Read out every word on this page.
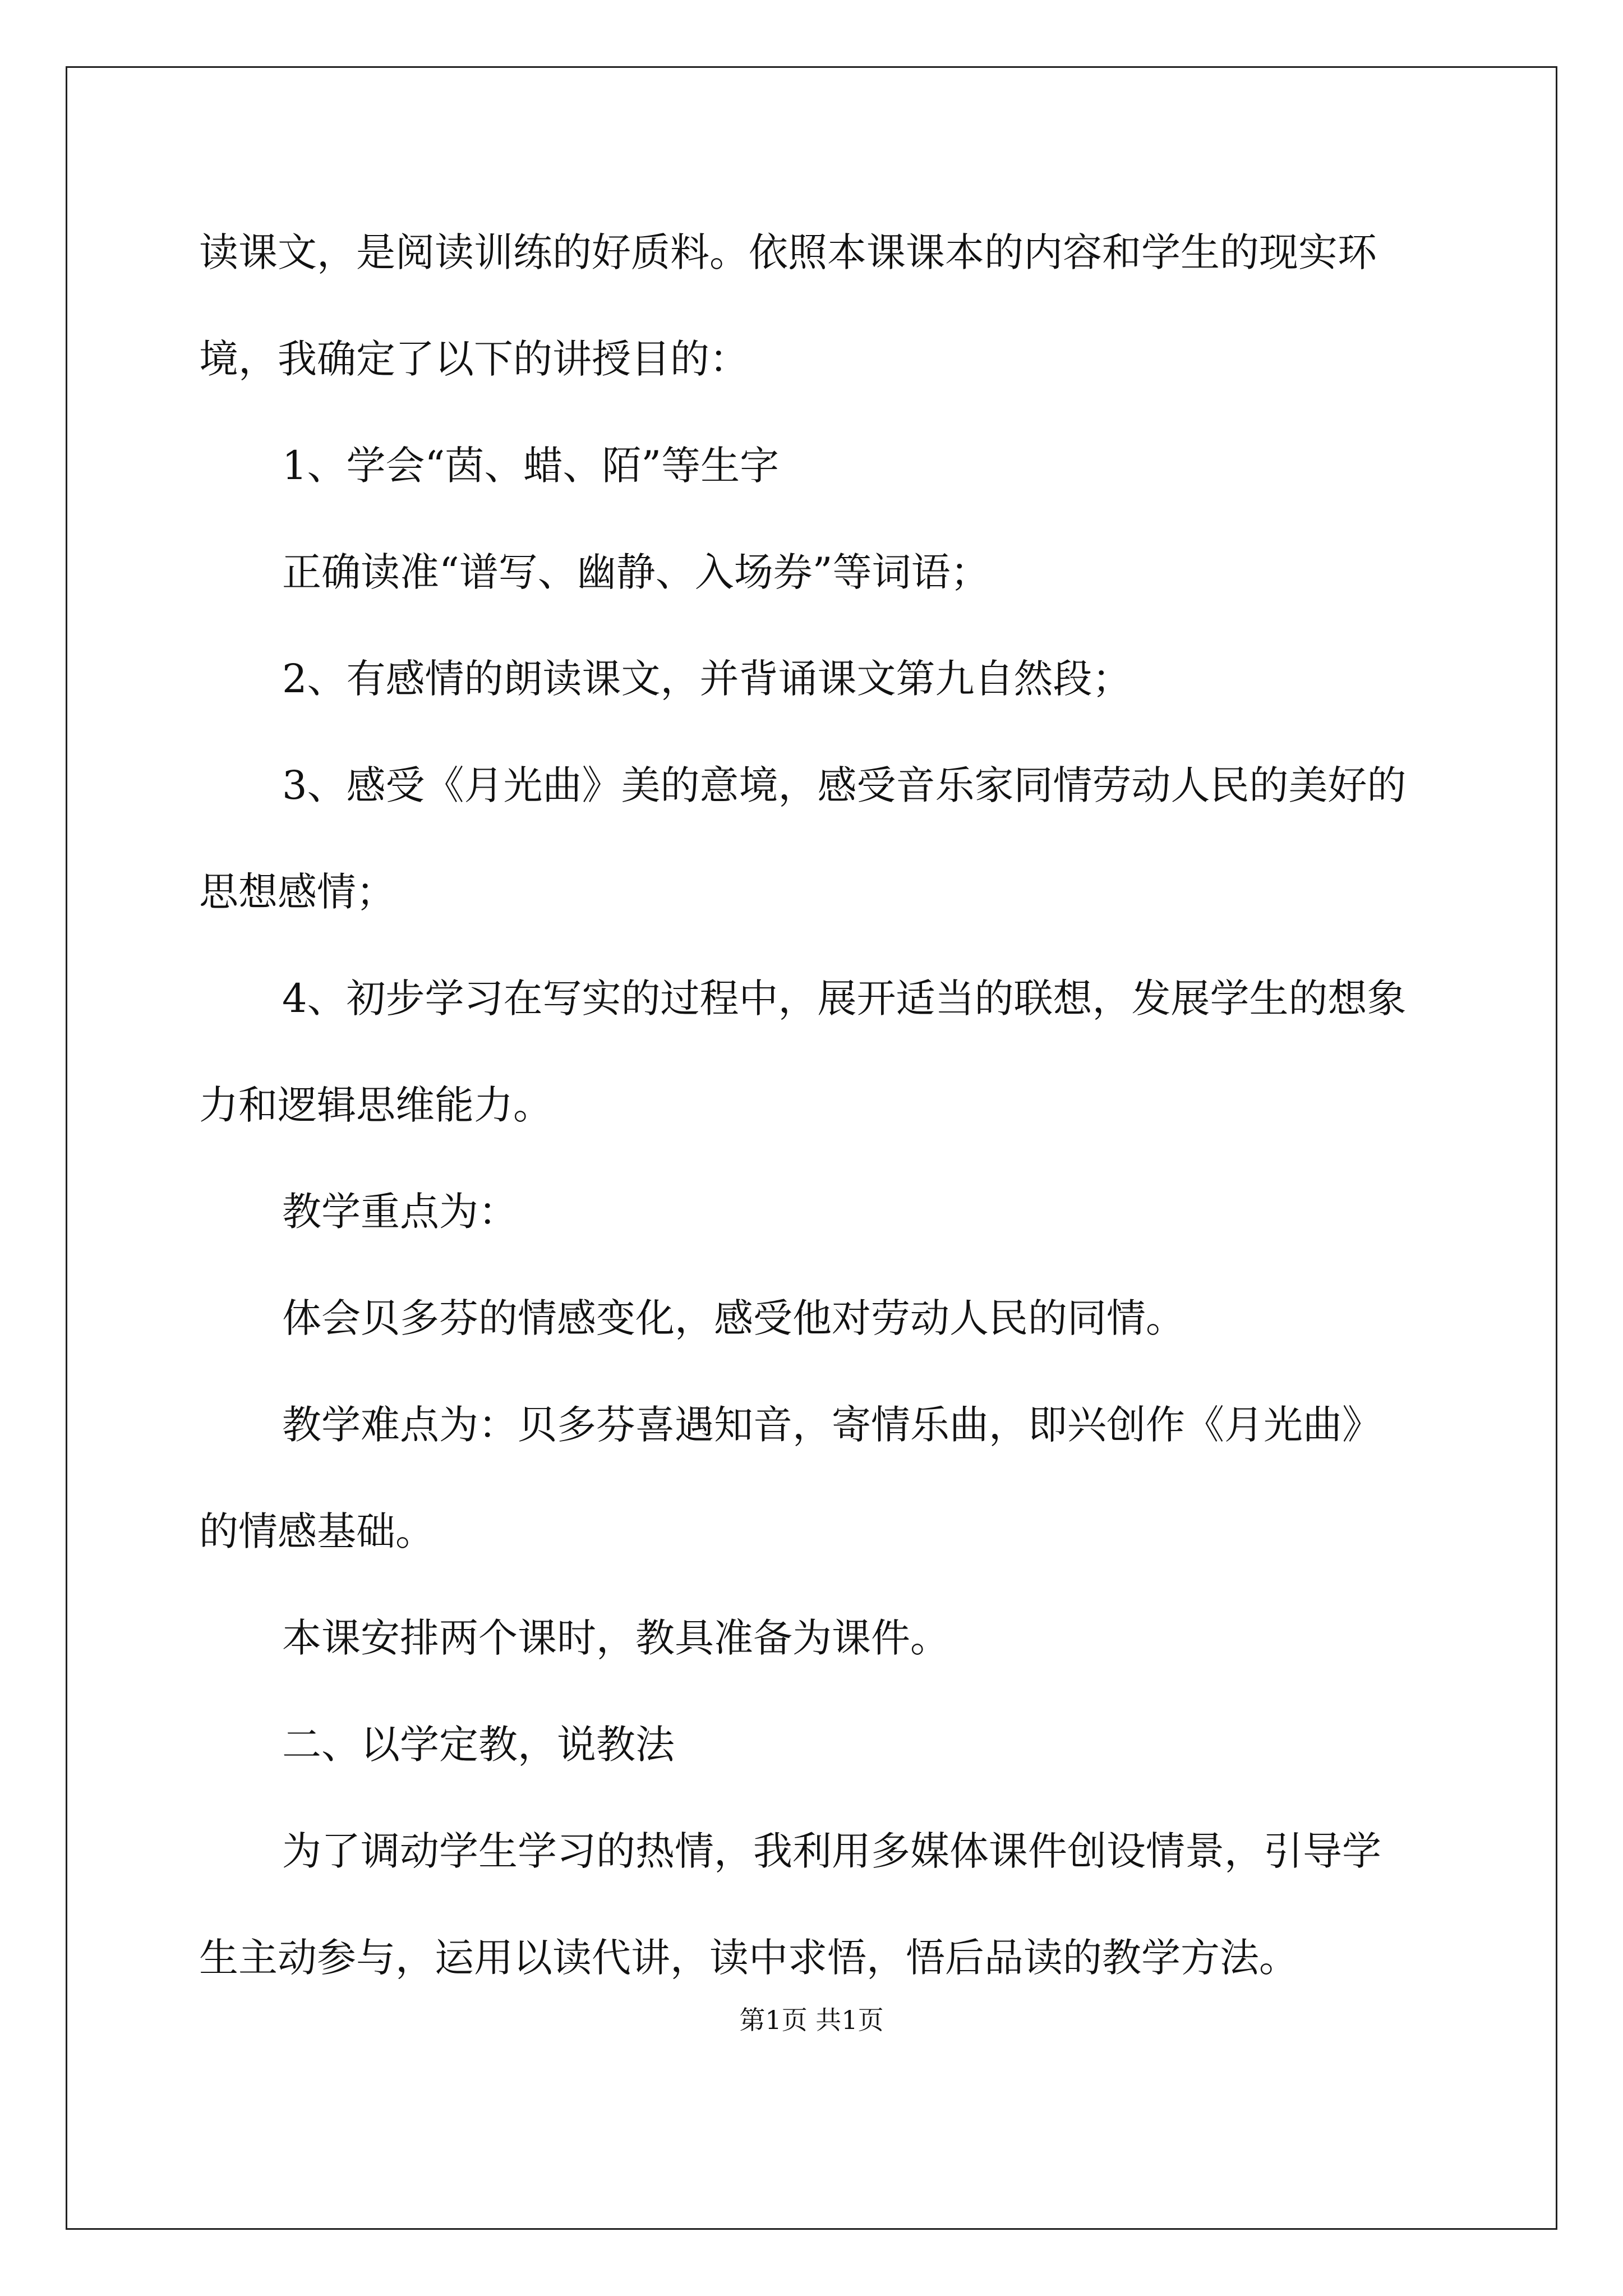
读课文，是阅读训练的好质料。依照本课课本的内容和学生的现实环
境，我确定了以下的讲授目的：
1、学会“茵、蜡、陌”等生字
正确读准“谱写、幽静、入场券”等词语；
2、有感情的朗读课文，并背诵课文第九自然段；
3、感受《月光曲》美的意境，感受音乐家同情劳动人民的美好的
思想感情；
4、初步学习在写实的过程中，展开适当的联想，发展学生的想象
力和逻辑思维能力。
教学重点为：
体会贝多芬的情感变化，感受他对劳动人民的同情。
教学难点为：贝多芬喜遇知音，寄情乐曲，即兴创作《月光曲》
的情感基础。
本课安排两个课时，教具准备为课件。
二、以学定教，说教法
为了调动学生学习的热情，我利用多媒体课件创设情景，引导学
生主动参与，运用以读代讲，读中求悟，悟后品读的教学方法。
第1页 共1页
